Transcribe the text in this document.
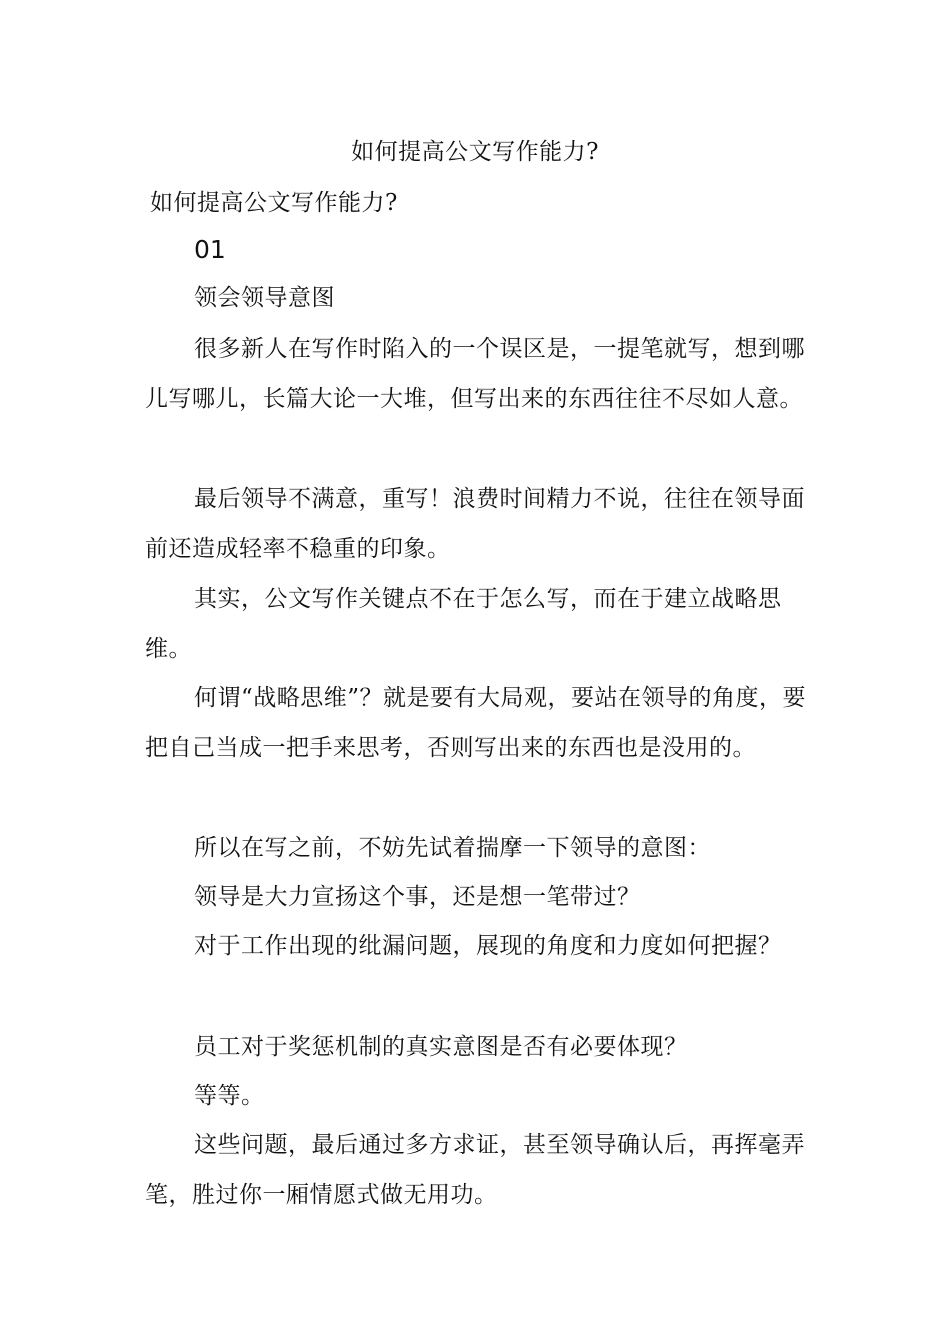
如何提高公文写作能力?
如何提高公文写作能力?
01

领会领导意图

很多新人在写作时陷入的一个误区是，一提笔就写，想到哪儿写哪儿，长篇大论一大堆，但写出来的东西往往不尽如人意。

最后领导不满意，重写！浪费时间精力不说，往往在领导面前还造成轻率不稳重的印象。

其实，公文写作关键点不在于怎么写，而在于建立战略思维。

何谓“战略思维”？就是要有大局观，要站在领导的角度，要把自己当成一把手来思考，否则写出来的东西也是没用的。

所以在写之前，不妨先试着揣摩一下领导的意图：

领导是大力宣扬这个事，还是想一笔带过？

对于工作出现的纰漏问题，展现的角度和力度如何把握？

员工对于奖惩机制的真实意图是否有必要体现？

等等。

这些问题，最后通过多方求证，甚至领导确认后，再挥毫弄笔，胜过你一厢情愿式做无用功。
